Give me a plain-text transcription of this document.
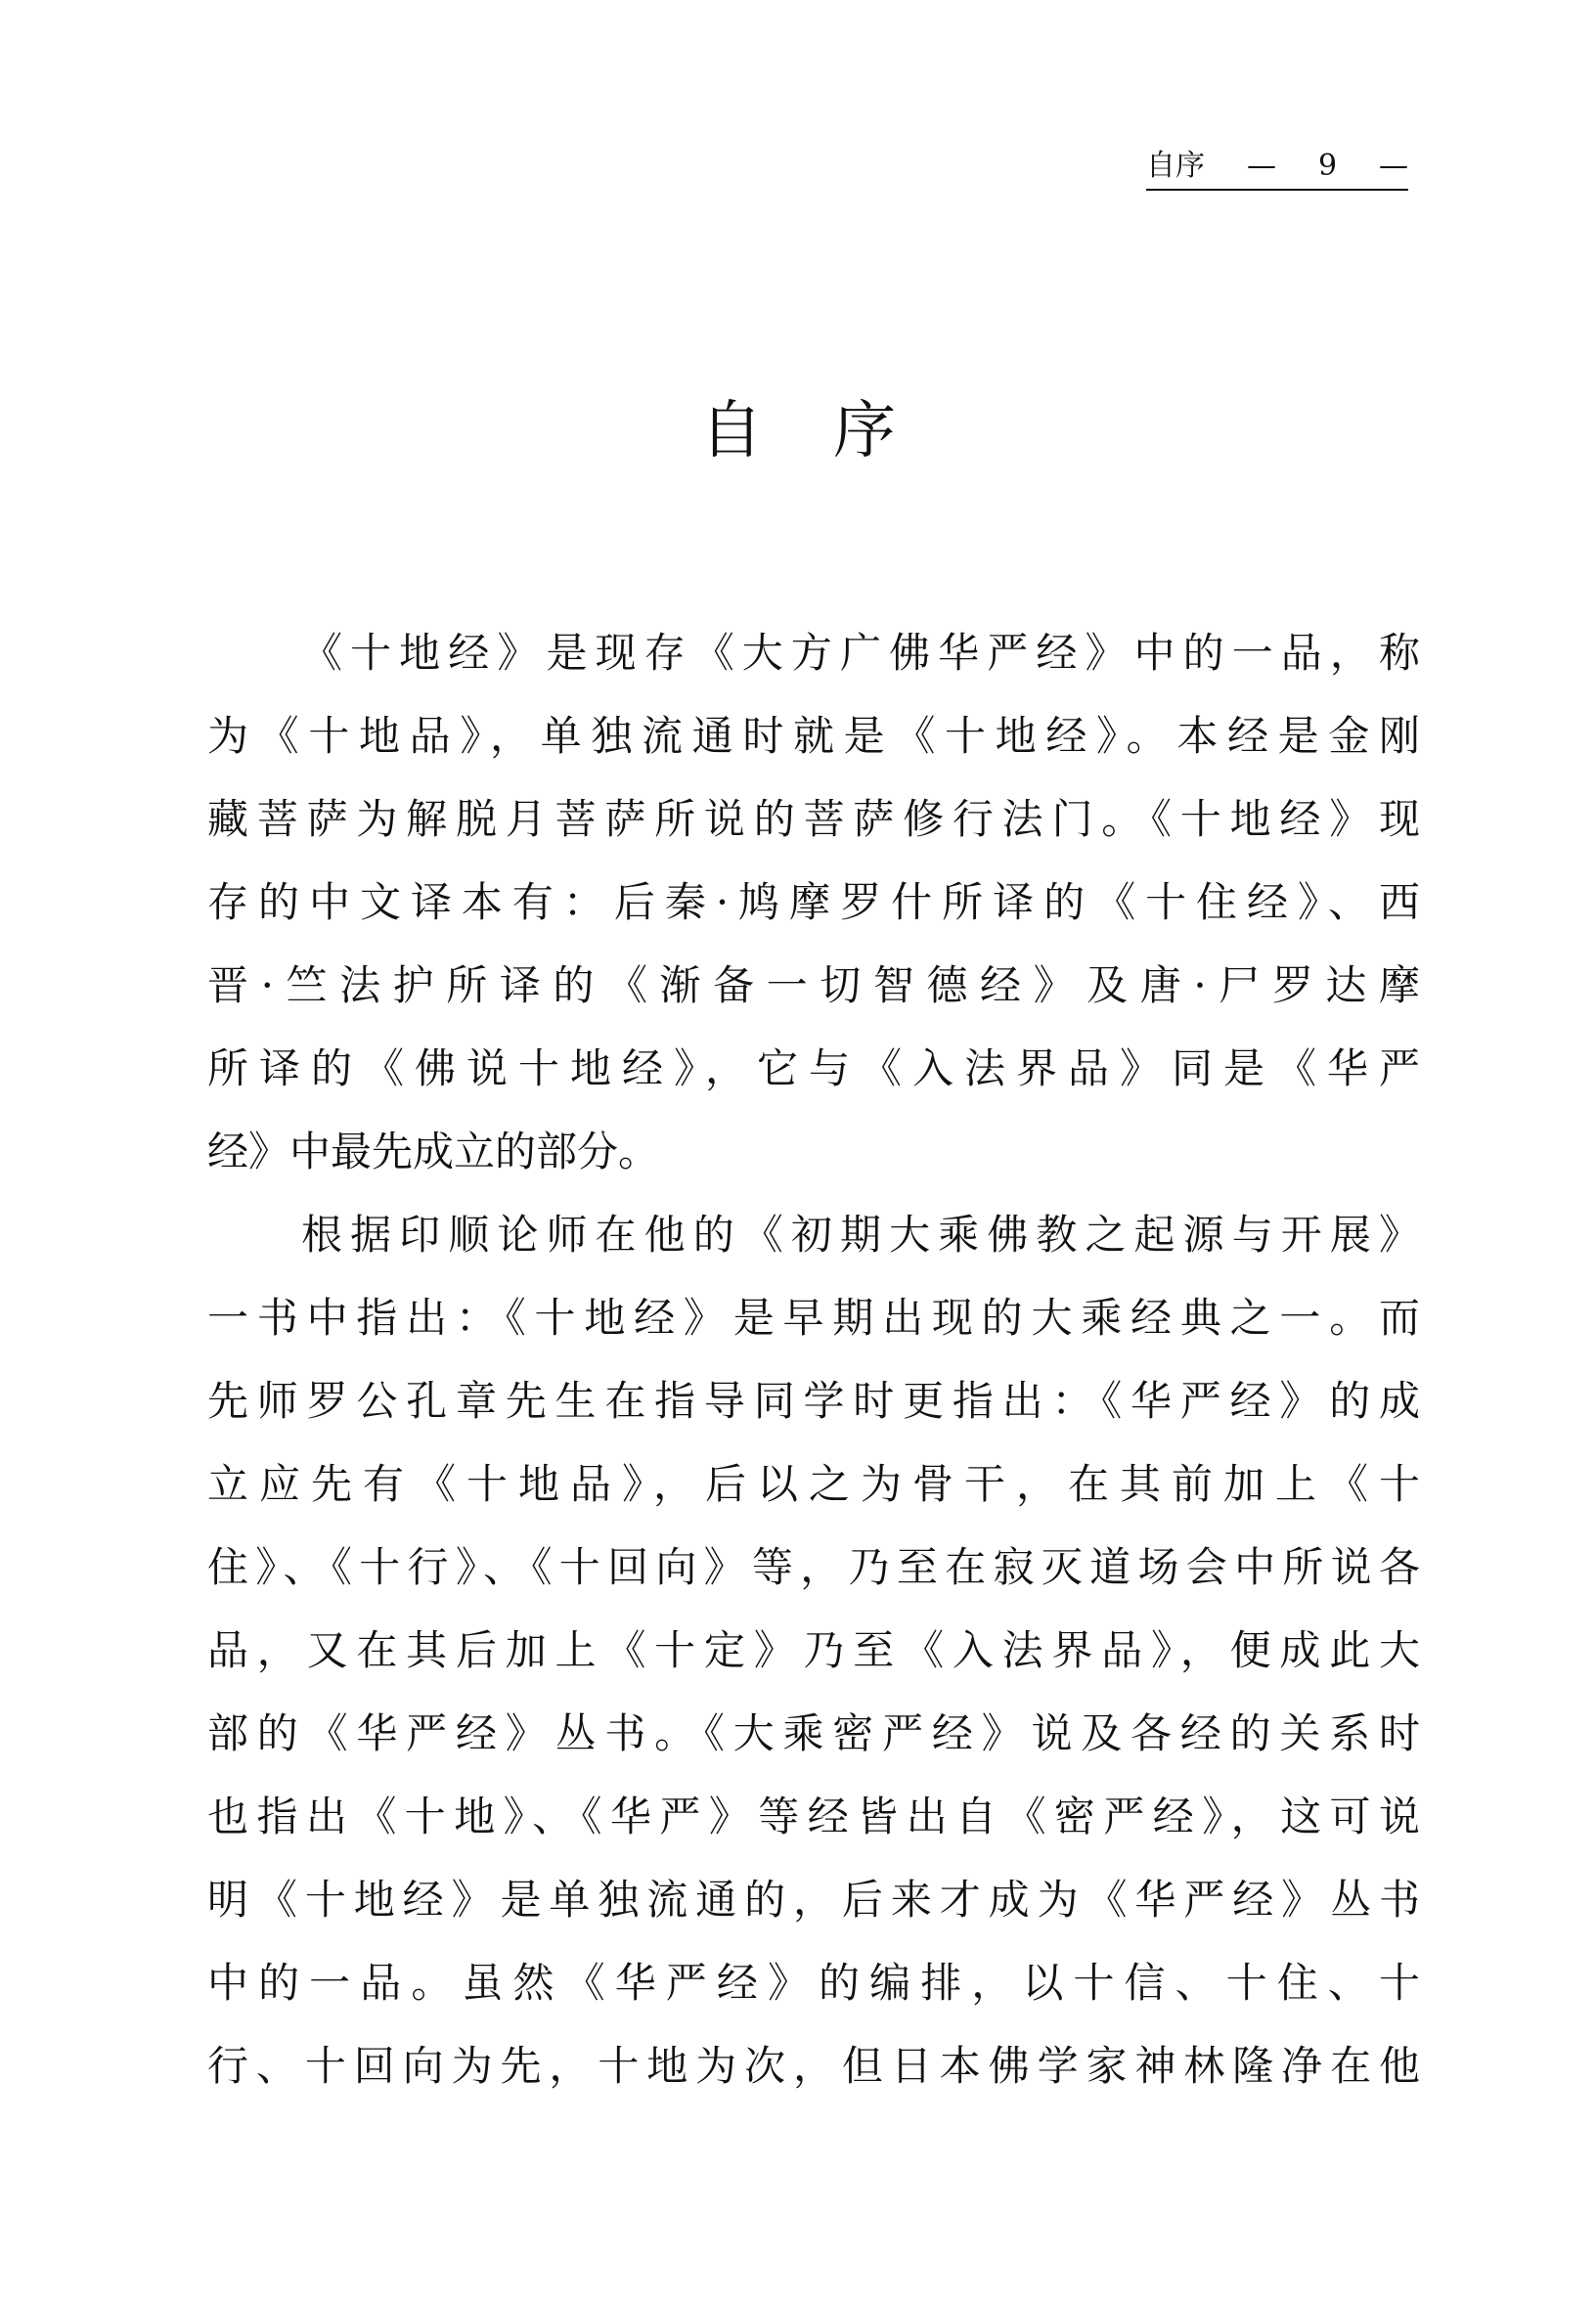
自序 — 9 —
自序
《十地经》是现存《大方广佛华严经》中的一品，称
为《十地品》，单独流通时就是《十地经》。本经是金刚
藏菩萨为解脱月菩萨所说的菩萨修行法门。《十地经》现
存的中文译本有：后秦·鸠摩罗什所译的《十住经》、西
晋·竺法护所译的《渐备一切智德经》及唐·尸罗达摩
所译的《佛说十地经》，它与《入法界品》同是《华严
经》中最先成立的部分。
根据印顺论师在他的《初期大乘佛教之起源与开展》
一书中指出：《十地经》是早期出现的大乘经典之一。而
先师罗公孔章先生在指导同学时更指出：《华严经》的成
立应先有《十地品》，后以之为骨干，在其前加上《十
住》、《十行》、《十回向》等，乃至在寂灭道场会中所说各
品，又在其后加上《十定》乃至《入法界品》，便成此大
部的《华严经》丛书。《大乘密严经》说及各经的关系时
也指出《十地》、《华严》等经皆出自《密严经》，这可说
明《十地经》是单独流通的，后来才成为《华严经》丛书
中的一品。虽然《华严经》的编排，以十信、十住、十
行、十回向为先，十地为次，但日本佛学家神林隆净在他
